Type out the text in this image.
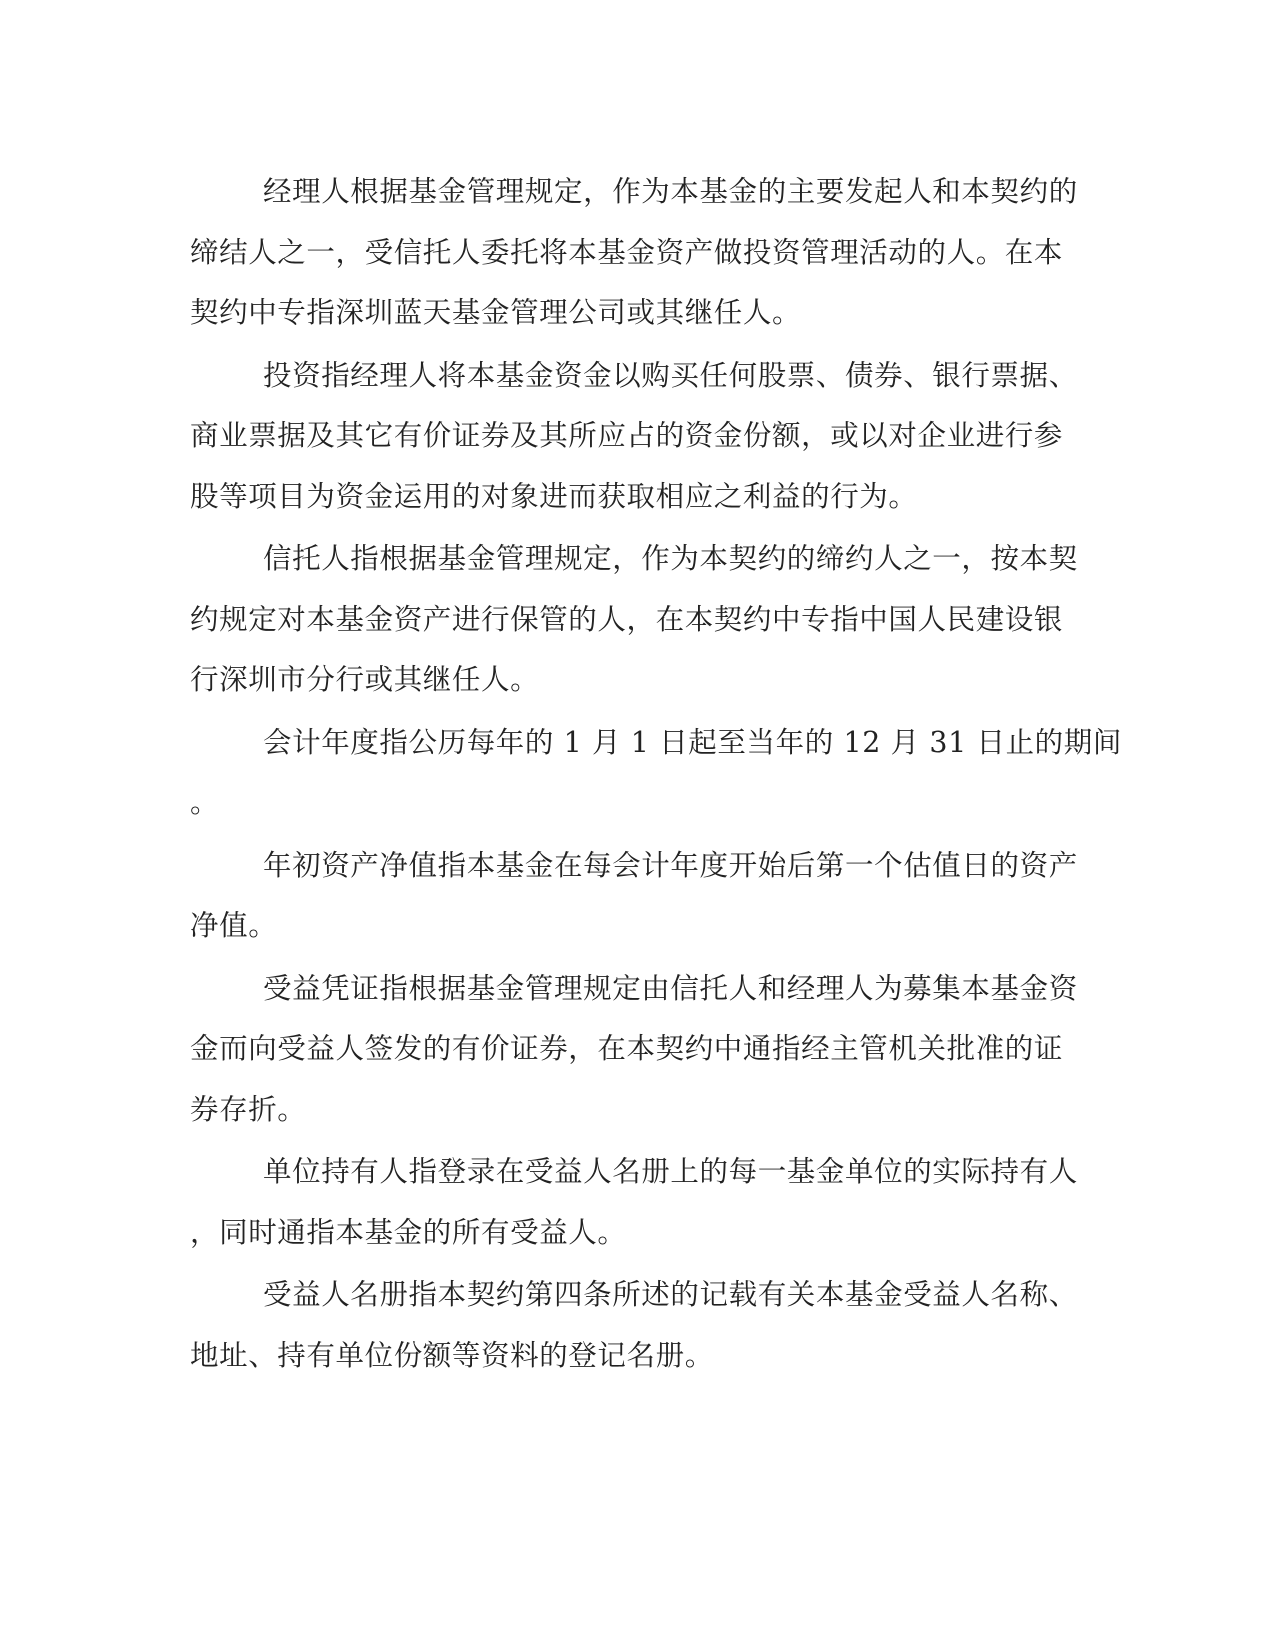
经理人根据基金管理规定，作为本基金的主要发起人和本契约的
缔结人之一，受信托人委托将本基金资产做投资管理活动的人。在本
契约中专指深圳蓝天基金管理公司或其继任人。

投资指经理人将本基金资金以购买任何股票、债券、银行票据、
商业票据及其它有价证券及其所应占的资金份额，或以对企业进行参
股等项目为资金运用的对象进而获取相应之利益的行为。

信托人指根据基金管理规定，作为本契约的缔约人之一，按本契
约规定对本基金资产进行保管的人，在本契约中专指中国人民建设银
行深圳市分行或其继任人。

会计年度指公历每年的 1 月 1 日起至当年的 12 月 31 日止的期间
。

年初资产净值指本基金在每会计年度开始后第一个估值日的资产
净值。

受益凭证指根据基金管理规定由信托人和经理人为募集本基金资
金而向受益人签发的有价证券，在本契约中通指经主管机关批准的证
券存折。

单位持有人指登录在受益人名册上的每一基金单位的实际持有人
，同时通指本基金的所有受益人。

受益人名册指本契约第四条所述的记载有关本基金受益人名称、
地址、持有单位份额等资料的登记名册。
